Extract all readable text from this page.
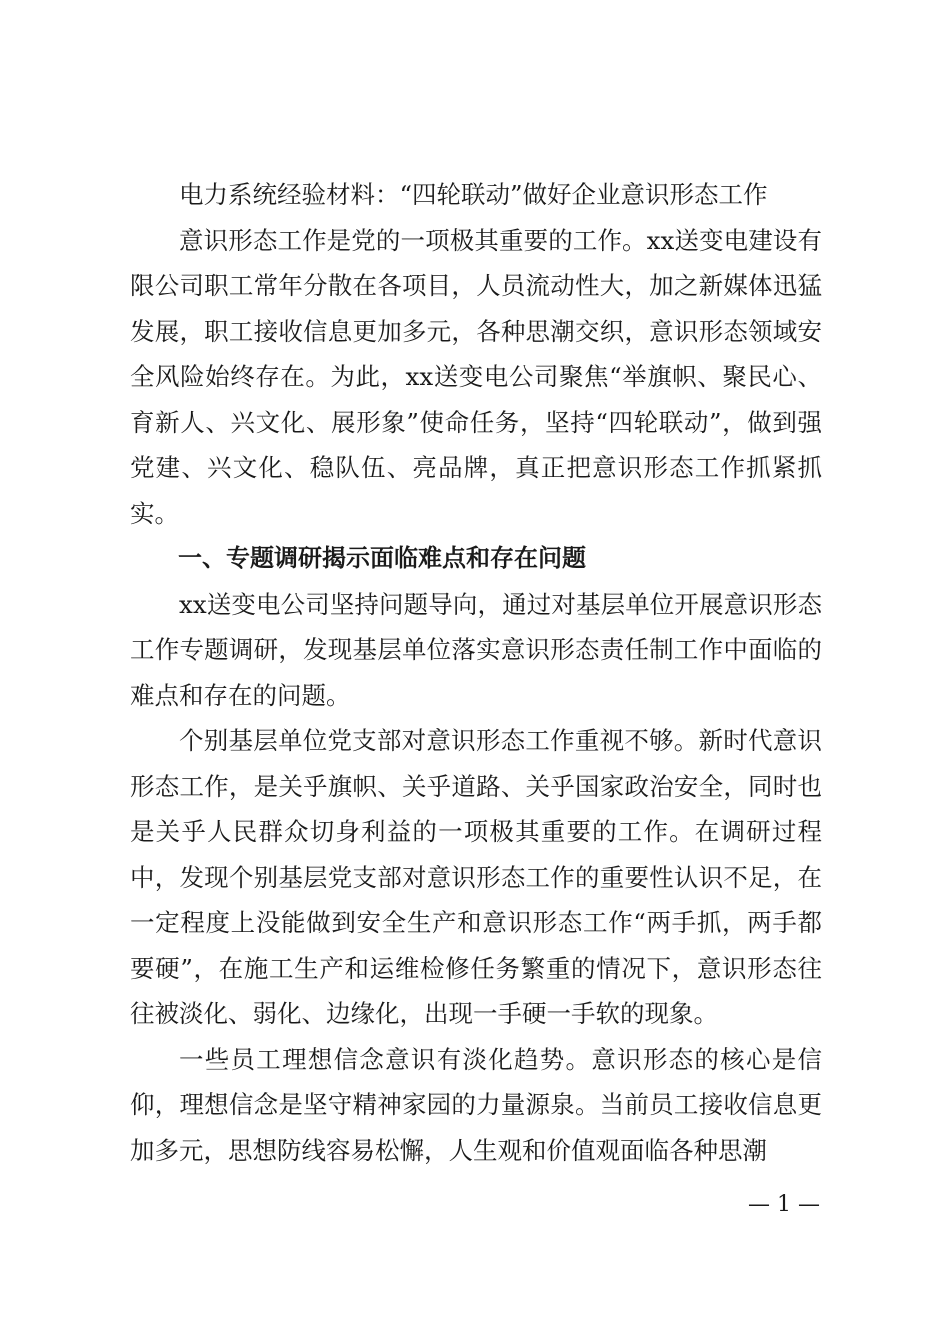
电力系统经验材料：“四轮联动”做好企业意识形态工作

意识形态工作是党的一项极其重要的工作。xx送变电建设有限公司职工常年分散在各项目，人员流动性大，加之新媒体迅猛发展，职工接收信息更加多元，各种思潮交织，意识形态领域安全风险始终存在。为此，xx送变电公司聚焦“举旗帜、聚民心、育新人、兴文化、展形象”使命任务，坚持“四轮联动”，做到强党建、兴文化、稳队伍、亮品牌，真正把意识形态工作抓紧抓实。

一、专题调研揭示面临难点和存在问题

xx送变电公司坚持问题导向，通过对基层单位开展意识形态工作专题调研，发现基层单位落实意识形态责任制工作中面临的难点和存在的问题。

个别基层单位党支部对意识形态工作重视不够。新时代意识形态工作，是关乎旗帜、关乎道路、关乎国家政治安全，同时也是关乎人民群众切身利益的一项极其重要的工作。在调研过程中，发现个别基层党支部对意识形态工作的重要性认识不足，在一定程度上没能做到安全生产和意识形态工作“两手抓，两手都要硬”，在施工生产和运维检修任务繁重的情况下，意识形态往往被淡化、弱化、边缘化，出现一手硬一手软的现象。

一些员工理想信念意识有淡化趋势。意识形态的核心是信仰，理想信念是坚守精神家园的力量源泉。当前员工接收信息更加多元，思想防线容易松懈，人生观和价值观面临各种思潮

— 1 —
